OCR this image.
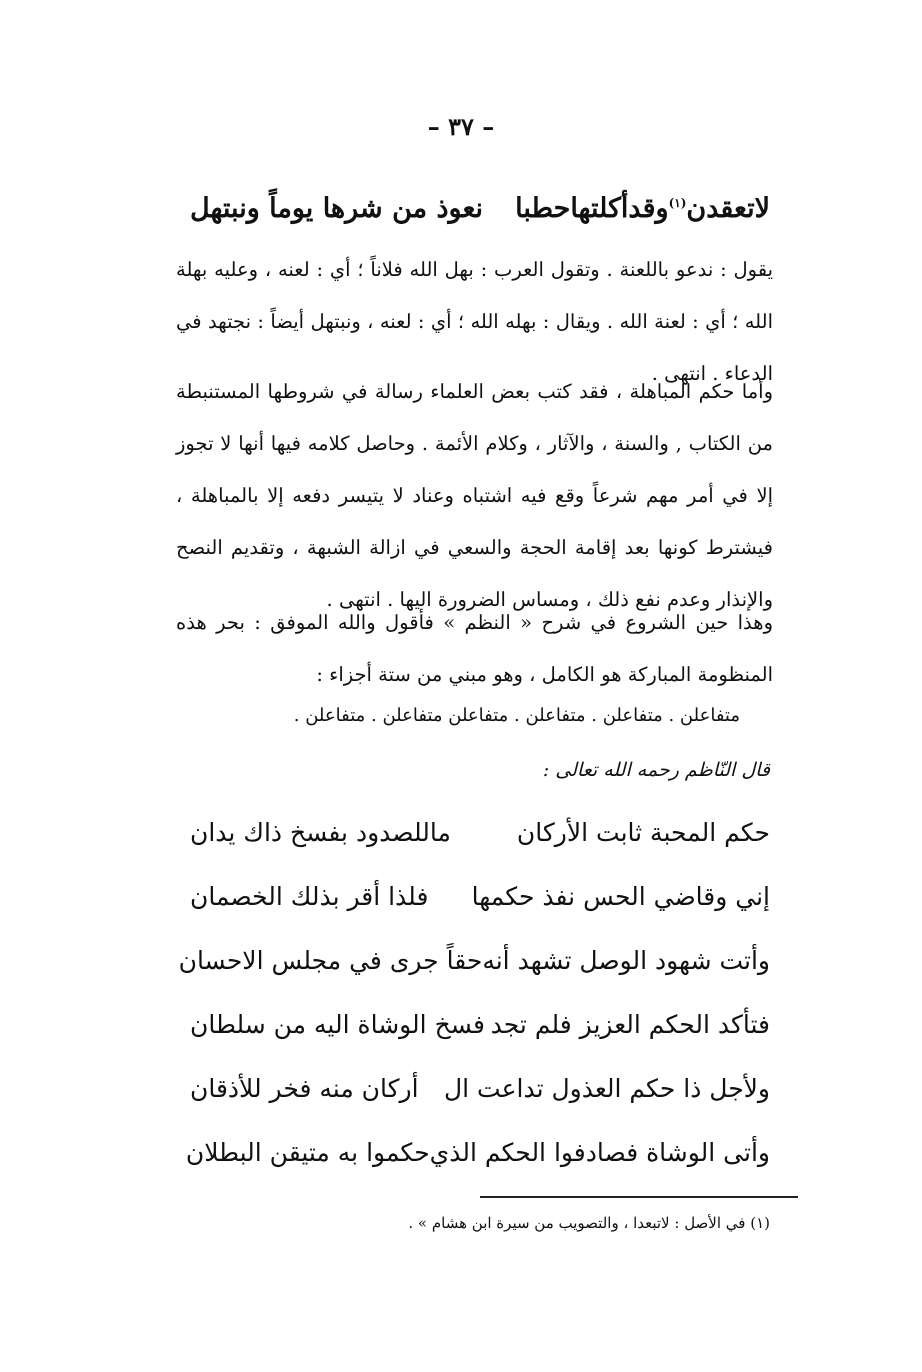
– ٣٧ –
لاتعقدن$^{(١)}$وقدأكلتهاحطبا
نعوذ من شرها يوماً ونبتهل
يقول : ندعو باللعنة . وتقول العرب : بهل الله فلاناً ؛ أي : لعنه ، وعليه بهلة الله ؛ أي : لعنة الله . ويقال : بهله الله ؛ أي : لعنه ، ونبتهل أيضاً : نجتهد في الدعاء . انتهى .
وأما حكم المباهلة ، فقد كتب بعض العلماء رسالة في شروطها المستنبطة من الكتاب , والسنة ، والآثار ، وكلام الأئمة . وحاصل كلامه فيها أنها لا تجوز إلا في أمر مهم شرعاً وقع فيه اشتباه وعناد لا يتيسر دفعه إلا بالمباهلة ، فيشترط كونها بعد إقامة الحجة والسعي في ازالة الشبهة ، وتقديم النصح والإنذار وعدم نفع ذلك ، ومساس الضرورة اليها . انتهى .
وهذا حين الشروع في شرح « النظم » فأقول والله الموفق : بحر هذه المنظومة المباركة هو الكامل ، وهو مبني من ستة أجزاء :
متفاعلن . متفاعلن . متفاعلن . متفاعلن متفاعلن . متفاعلن .
قال النّاظم رحمه الله تعالى :
حكم المحبة ثابت الأركان
ماللصدود بفسخ ذاك يدان
إني وقاضي الحس نفذ حكمها
فلذا أقر بذلك الخصمان
وأتت شهود الوصل تشهد أنه
حقاً جرى في مجلس الاحسان
فتأكد الحكم العزيز فلم تجد
فسخ الوشاة اليه من سلطان
ولأجل ذا حكم العذول تداعت ال
أركان منه فخر للأذقان
وأتى الوشاة فصادفوا الحكم الذي
حكموا به متيقن البطلان
(١) في الأصل : لاتبعدا ، والتصويب من سيرة ابن هشام » .
